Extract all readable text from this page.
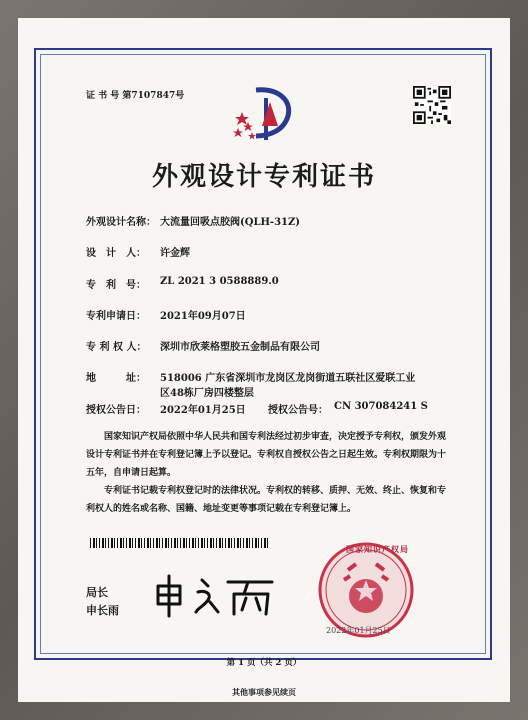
证 书 号 第7107847号
外观设计专利证书
外观设计名称： 大流量回吸点胶阀(QLH-31Z)
设　计　人： 许金辉
专　利　号： ZL 2021 3 0588889.0
专利申请日： 2021年09月07日
专 利 权 人： 深圳市欣莱格塑胶五金制品有限公司
地　　　址： 518006 广东省深圳市龙岗区龙岗街道五联社区爱联工业
区48栋厂房四楼整层
授权公告日： 2022年01月25日 授权公告号： CN 307084241 S
国家知识产权局依照中华人民共和国专利法经过初步审查，决定授予专利权，颁发外观设计专利证书并在专利登记簿上予以登记。专利权自授权公告之日起生效。专利权期限为十五年，自申请日起算。
专利证书记载专利权登记时的法律状况。专利权的转移、质押、无效、终止、恢复和专利权人的姓名或名称、国籍、地址变更等事项记载在专利登记簿上。
局长
申长雨
2022年01月25日
国家知识产权局
第 1 页（共 2 页）
其他事项参见续页
